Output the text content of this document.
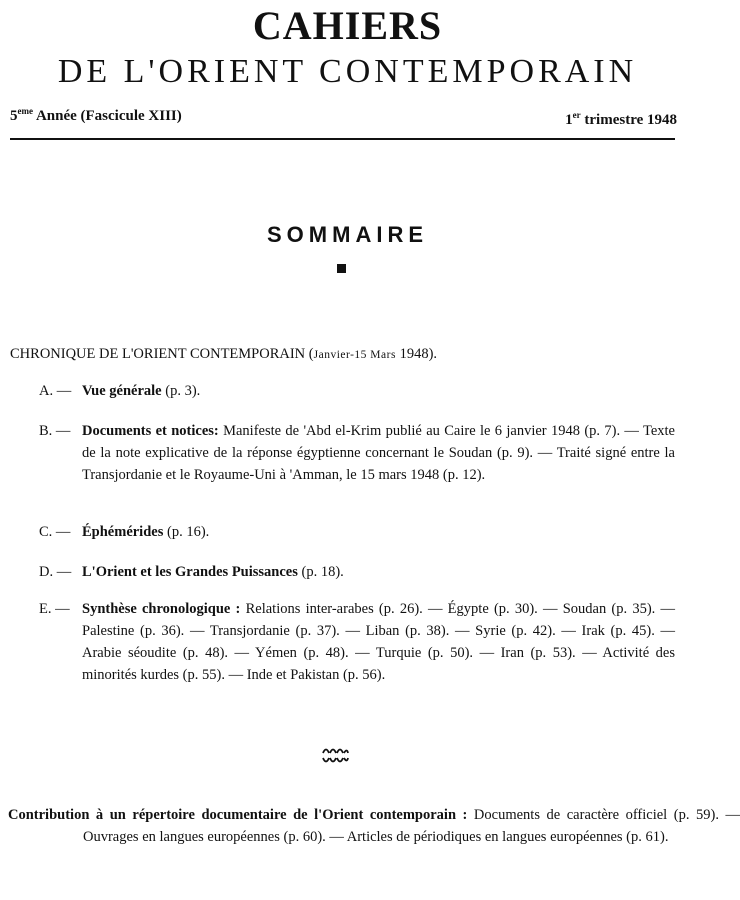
CAHIERS
DE L'ORIENT CONTEMPORAIN
5eme Année (Fascicule XIII)	1er trimestre 1948
SOMMAIRE
CHRONIQUE DE L'ORIENT CONTEMPORAIN (Janvier-15 Mars 1948).
A. — Vue générale (p. 3).
B. — Documents et notices: Manifeste de 'Abd el-Krim publié au Caire le 6 janvier 1948 (p. 7). — Texte de la note explicative de la réponse égyptienne concernant le Soudan (p. 9). — Traité signé entre la Transjordanie et le Royaume-Uni à 'Amman, le 15 mars 1948 (p. 12).
C. — Éphémérides (p. 16).
D. — L'Orient et les Grandes Puissances (p. 18).
E. — Synthèse chronologique : Relations inter-arabes (p. 26). — Égypte (p. 30). — Soudan (p. 35). — Palestine (p. 36). — Transjordanie (p. 37). — Liban (p. 38). — Syrie (p. 42). — Irak (p. 45). — Arabie séoudite (p. 48). — Yémen (p. 48). — Turquie (p. 50). — Iran (p. 53). — Activité des minorités kurdes (p. 55). — Inde et Pakistan (p. 56).
Contribution à un répertoire documentaire de l'Orient contemporain : Documents de caractère officiel (p. 59). — Ouvrages en langues européennes (p. 60). — Articles de périodiques en langues européennes (p. 61).
